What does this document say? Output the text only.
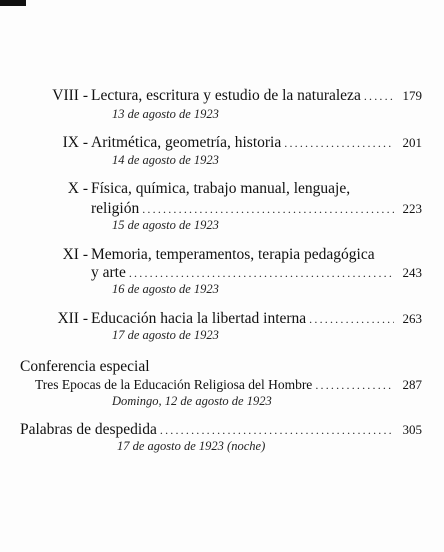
VIII - Lectura, escritura y estudio de la naturaleza .....	179
13 de agosto de 1923
IX - Aritmética, geometría, historia .....	201
14 de agosto de 1923
X - Física, química, trabajo manual, lenguaje,
religión .....	223
15 de agosto de 1923
XI - Memoria, temperamentos, terapia pedagógica
y arte .....	243
16 de agosto de 1923
XII - Educación hacia la libertad interna .....	263
17 de agosto de 1923
Conferencia especial
Tres Epocas de la Educación Religiosa del Hombre .....	287
Domingo, 12 de agosto de 1923
Palabras de despedida .....	305
17 de agosto de 1923 (noche)
